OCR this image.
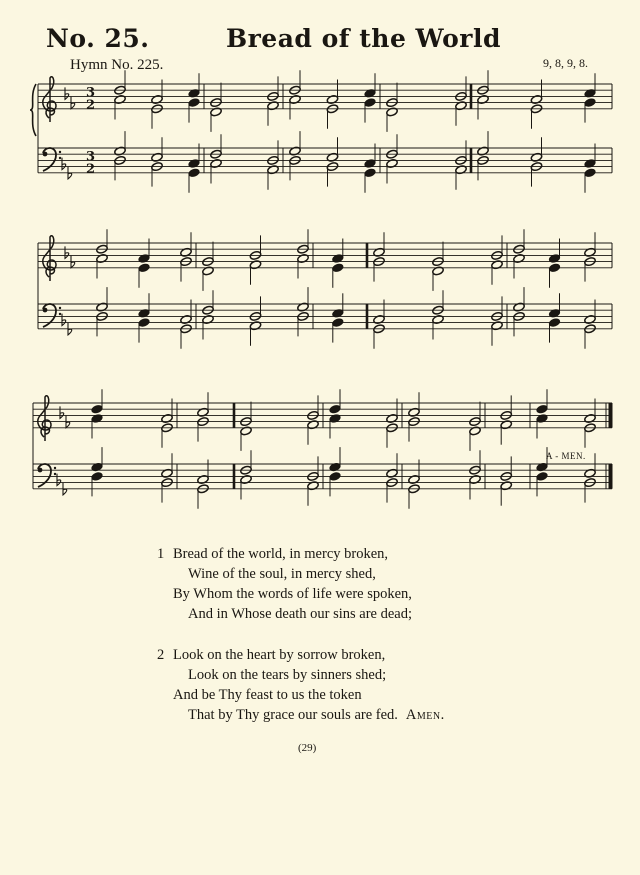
No. 25.	Bread of the World
Hymn No. 225.	9, 8, 9, 8.
3
2
3
2
A - MEN.
1 Bread of the world, in mercy broken,
Wine of the soul, in mercy shed,
By Whom the words of life were spoken,
And in Whose death our sins are dead;
2 Look on the heart by sorrow broken,
Look on the tears by sinners shed;
And be Thy feast to us the token
That by Thy grace our souls are fed. Amen.
(29)
